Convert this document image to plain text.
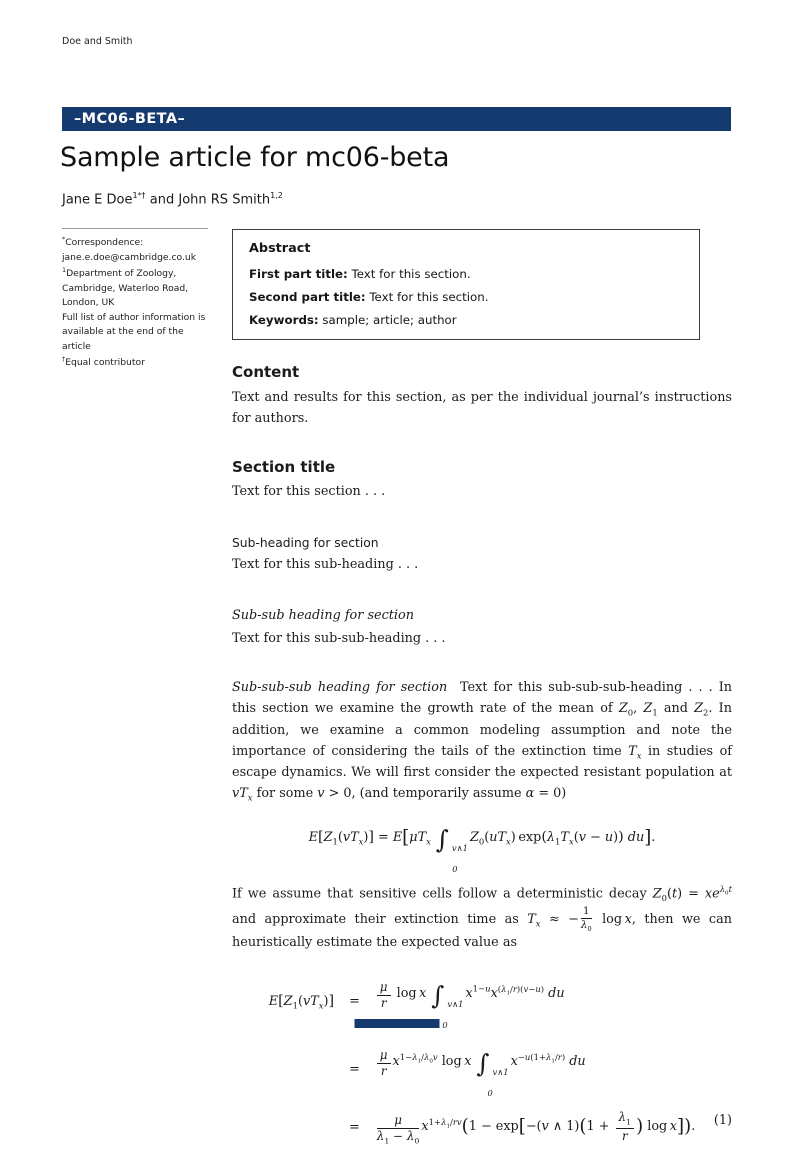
Doe and Smith
–MC06-BETA–
Sample article for mc06-beta
Jane E Doe$^{1*\dagger}$ and John RS Smith$^{1,2}$
*Correspondence:
jane.e.doe@cambridge.co.uk
$^1$Department of Zoology,
Cambridge, Waterloo Road,
London, UK
Full list of author information is
available at the end of the article
†Equal contributor
Abstract
First part title: Text for this section.
Second part title: Text for this section.
Keywords: sample; article; author
Content

Text and results for this section, as per the individual journal’s instructions for authors.

Section title

Text for this section . . .

Sub-heading for section

Text for this sub-heading . . .

Sub-sub heading for section

Text for this sub-sub-heading . . .

Sub-sub-sub heading for section Text for this sub-sub-sub-heading . . . In this section we examine the growth rate of the mean of $Z_0$, $Z_1$ and $Z_2$. In addition, we examine a common modeling assumption and note the importance of considering the tails of the extinction time $T_x$ in studies of escape dynamics. We will first consider the expected resistant population at $vT_x$ for some v > 0, (and temporarily assume α = 0)

$E[Z_1(vT_x)] = E[\mu T_x$ ∫ v∧1
0
$Z_0(uT_x) \exp(\lambda_1T_x(v - u))$ du].

If we assume that sensitive cells follow a deterministic decay $Z_0(t) = xe^{\lambda_0t}$ and approximate their extinction time as $T_x$ ≈ − $\frac{1}{\lambda_0}$ log x, then we can heuristically estimate the expected value as

$E[Z_1(vT_x)]$	=	$\frac{\mu}{r}$ log x ∫ v∧1
0
$x^{1-u}x^{(\lambda_1/r)(v-u)}$ du
	=	$\frac{\mu}{r} x^{1-\lambda_1/\lambda_0v}$ log x ∫ v∧1
0
$x^{-u(1+\lambda_1/r)}$ du
	=	$\frac{\mu}{\lambda_1 - \lambda_0} x^{1+\lambda_1/rv}(1 - \exp[-(v$ ∧ $1)(1 + \frac{\lambda_1}{r}$ ) log x]). (1)
